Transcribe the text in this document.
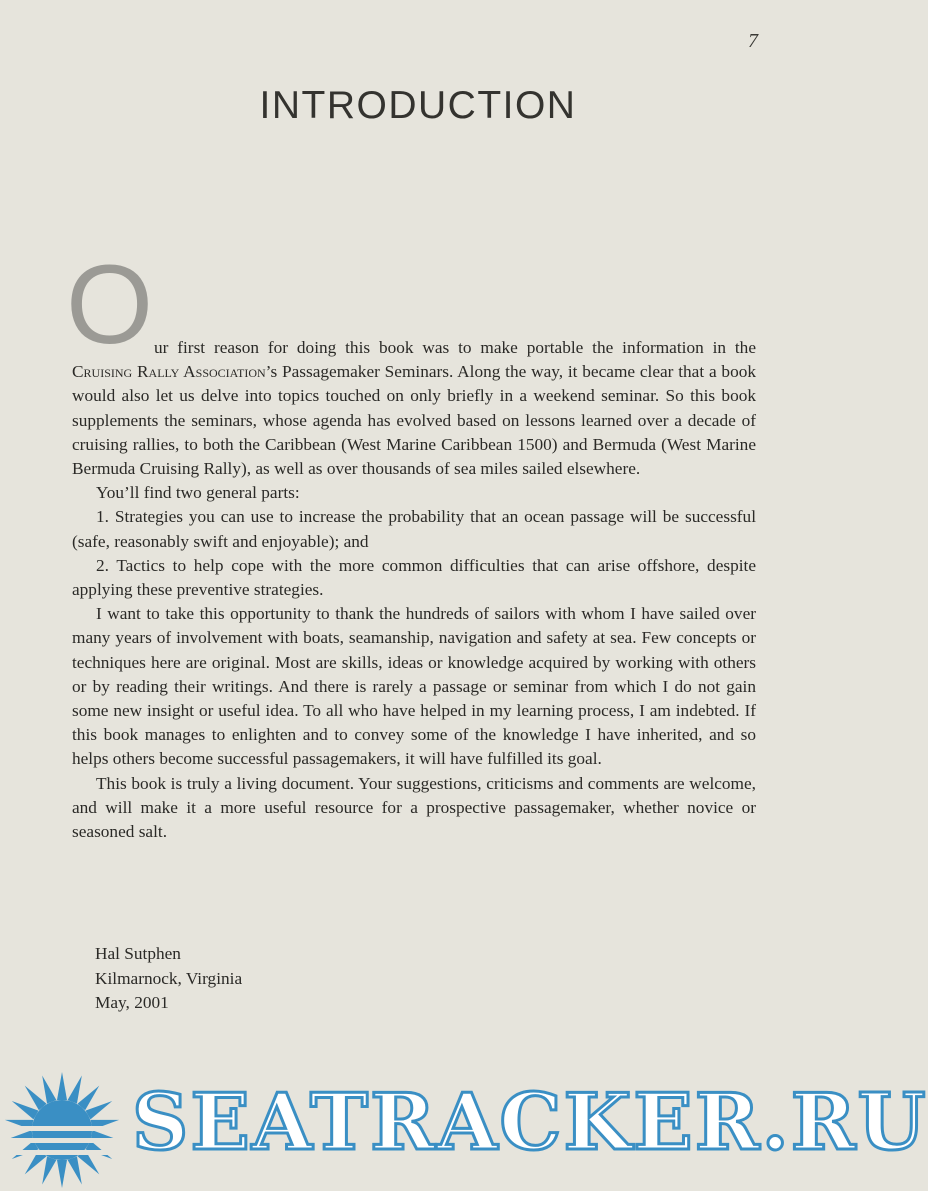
7
INTRODUCTION

Our first reason for doing this book was to make portable the information in the Cruising Rally Association’s Passagemaker Seminars. Along the way, it became clear that a book would also let us delve into topics touched on only briefly in a weekend seminar. So this book supplements the seminars, whose agenda has evolved based on lessons learned over a decade of cruising rallies, to both the Caribbean (West Marine Caribbean 1500) and Bermuda (West Marine Bermuda Cruising Rally), as well as over thousands of sea miles sailed elsewhere.

You’ll find two general parts:

1. Strategies you can use to increase the probability that an ocean passage will be successful (safe, reasonably swift and enjoyable); and

2. Tactics to help cope with the more common difficulties that can arise offshore, despite applying these preventive strategies.

I want to take this opportunity to thank the hundreds of sailors with whom I have sailed over many years of involvement with boats, seamanship, navigation and safety at sea. Few concepts or techniques here are original. Most are skills, ideas or knowledge acquired by working with others or by reading their writings. And there is rarely a passage or seminar from which I do not gain some new insight or useful idea. To all who have helped in my learning process, I am indebted. If this book manages to enlighten and to convey some of the knowledge I have inherited, and so helps others become successful passagemakers, it will have fulfilled its goal.

This book is truly a living document. Your suggestions, criticisms and comments are welcome, and will make it a more useful resource for a prospective passagemaker, whether novice or seasoned salt.

Hal Sutphen
Kilmarnock, Virginia
May, 2001
SEATRACKER.RU
